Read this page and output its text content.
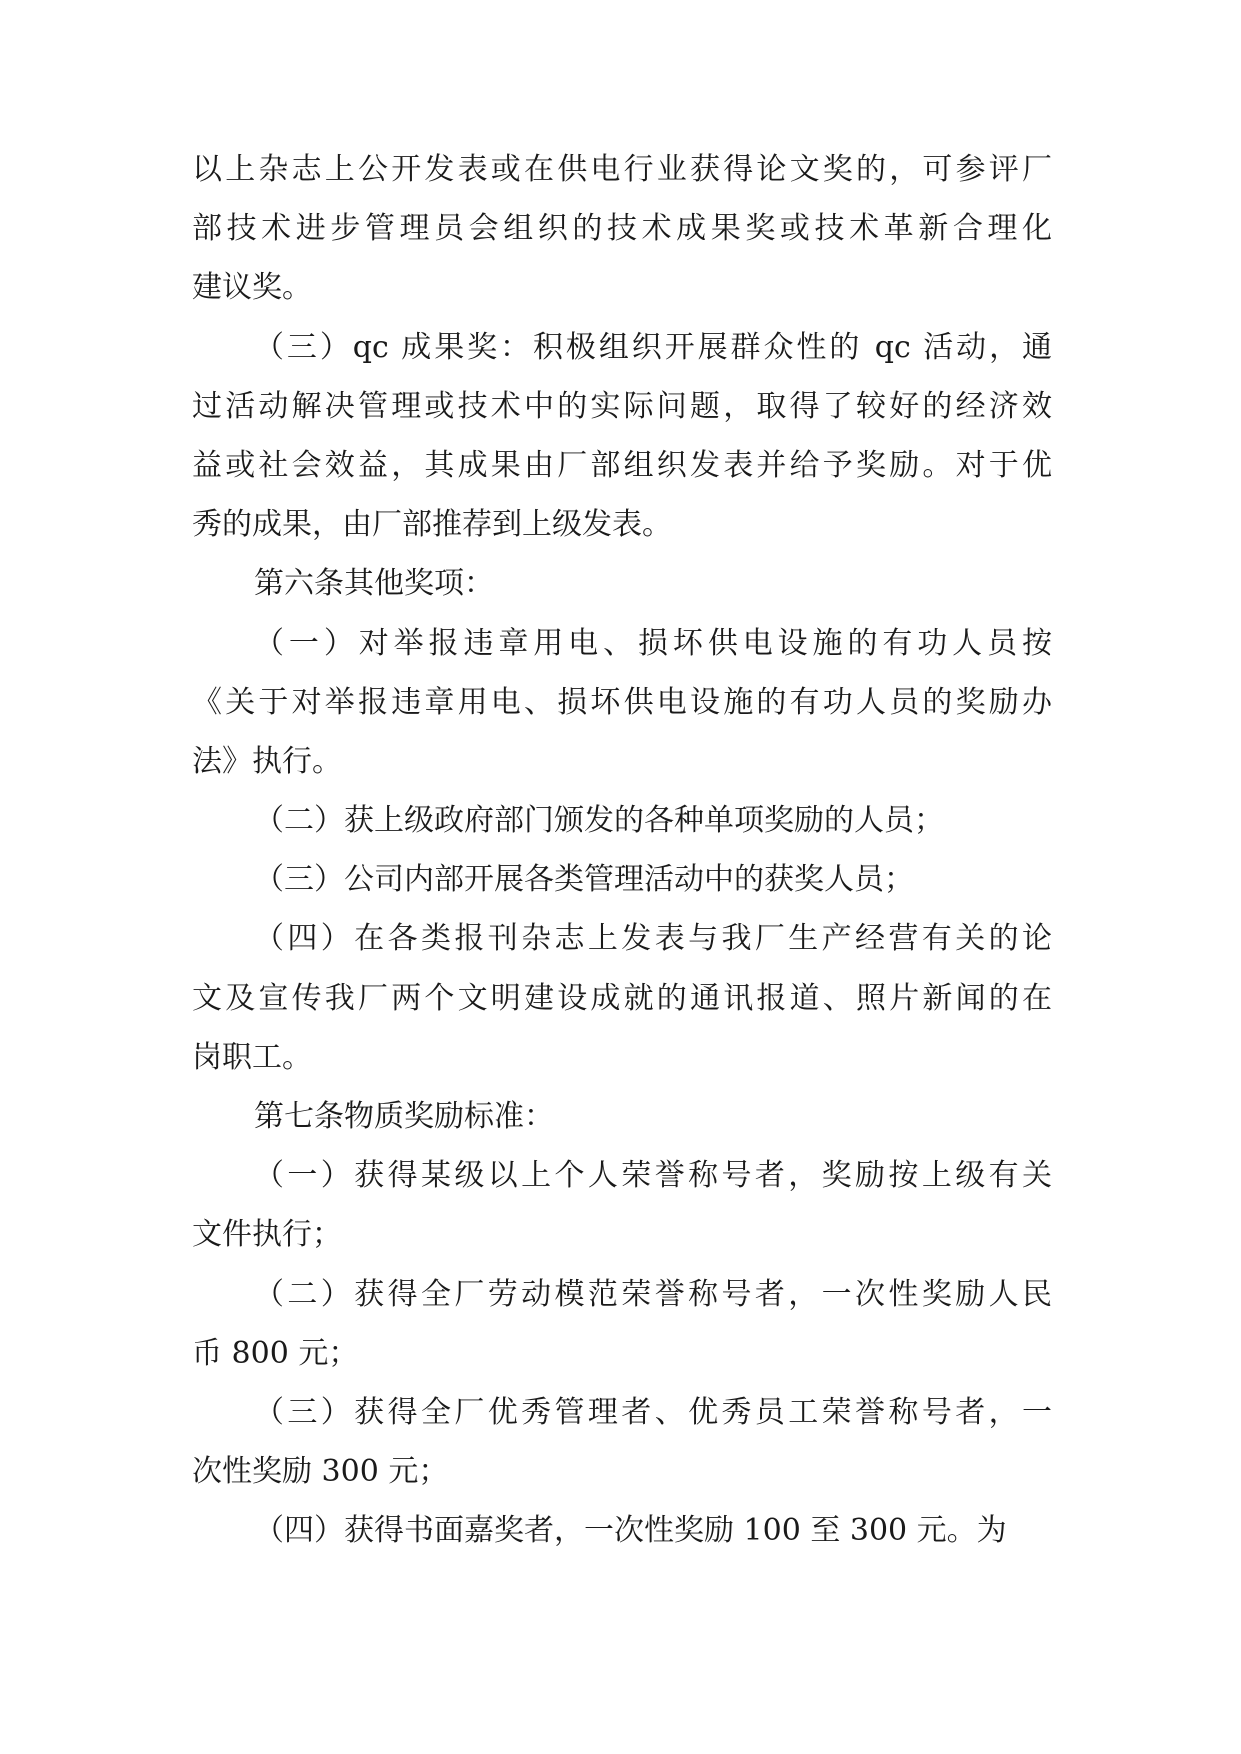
以上杂志上公开发表或在供电行业获得论文奖的，可参评厂
部技术进步管理员会组织的技术成果奖或技术革新合理化
建议奖。
（三）qc 成果奖：积极组织开展群众性的 qc 活动，通
过活动解决管理或技术中的实际问题，取得了较好的经济效
益或社会效益，其成果由厂部组织发表并给予奖励。对于优
秀的成果，由厂部推荐到上级发表。
第六条其他奖项：
（一）对举报违章用电、损坏供电设施的有功人员按
《关于对举报违章用电、损坏供电设施的有功人员的奖励办
法》执行。
（二）获上级政府部门颁发的各种单项奖励的人员；
（三）公司内部开展各类管理活动中的获奖人员；
（四）在各类报刊杂志上发表与我厂生产经营有关的论
文及宣传我厂两个文明建设成就的通讯报道、照片新闻的在
岗职工。
第七条物质奖励标准：
（一）获得某级以上个人荣誉称号者，奖励按上级有关
文件执行；
（二）获得全厂劳动模范荣誉称号者，一次性奖励人民
币 800 元；
（三）获得全厂优秀管理者、优秀员工荣誉称号者，一
次性奖励 300 元；
（四）获得书面嘉奖者，一次性奖励 100 至 300 元。为
